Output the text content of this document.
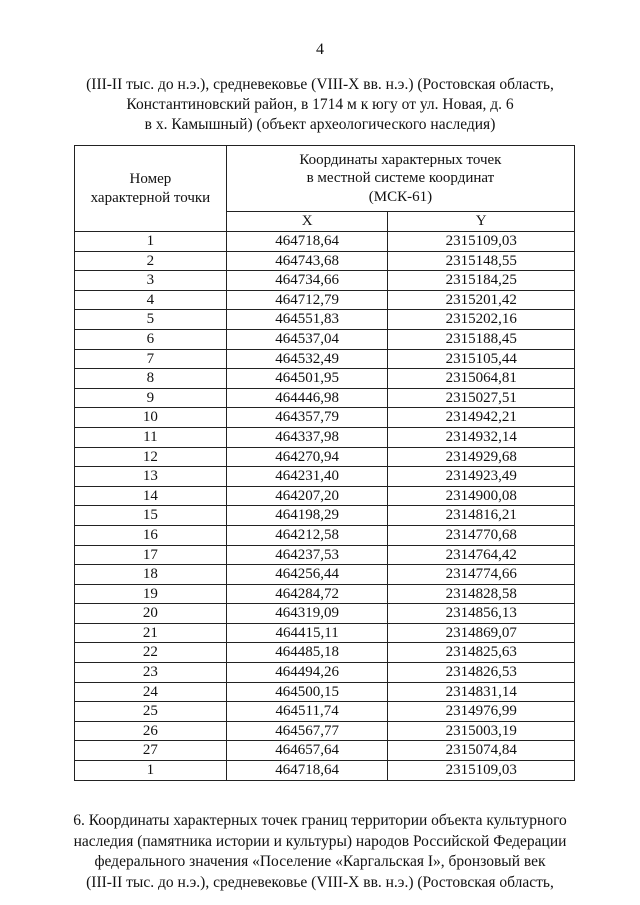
4
(III-II тыс. до н.э.), средневековье (VIII-X вв. н.э.) (Ростовская область,
Константиновский район, в 1714 м к югу от ул. Новая, д. 6
в х. Камышный) (объект археологического наследия)
Номер характерной точки	Координаты характерных точек
в местной системе координат
(МСК-61)	

	X	Y
1	464718,64	2315109,03
2	464743,68	2315148,55
3	464734,66	2315184,25
4	464712,79	2315201,42
5	464551,83	2315202,16
6	464537,04	2315188,45
7	464532,49	2315105,44
8	464501,95	2315064,81
9	464446,98	2315027,51
10	464357,79	2314942,21
11	464337,98	2314932,14
12	464270,94	2314929,68
13	464231,40	2314923,49
14	464207,20	2314900,08
15	464198,29	2314816,21
16	464212,58	2314770,68
17	464237,53	2314764,42
18	464256,44	2314774,66
19	464284,72	2314828,58
20	464319,09	2314856,13
21	464415,11	2314869,07
22	464485,18	2314825,63
23	464494,26	2314826,53
24	464500,15	2314831,14
25	464511,74	2314976,99
26	464567,77	2315003,19
27	464657,64	2315074,84
1	464718,64	2315109,03
6. Координаты характерных точек границ территории объекта культурного
наследия (памятника истории и культуры) народов Российской Федерации
федерального значения «Поселение «Каргальская I», бронзовый век
(III-II тыс. до н.э.), средневековье (VIII-X вв. н.э.) (Ростовская область,
